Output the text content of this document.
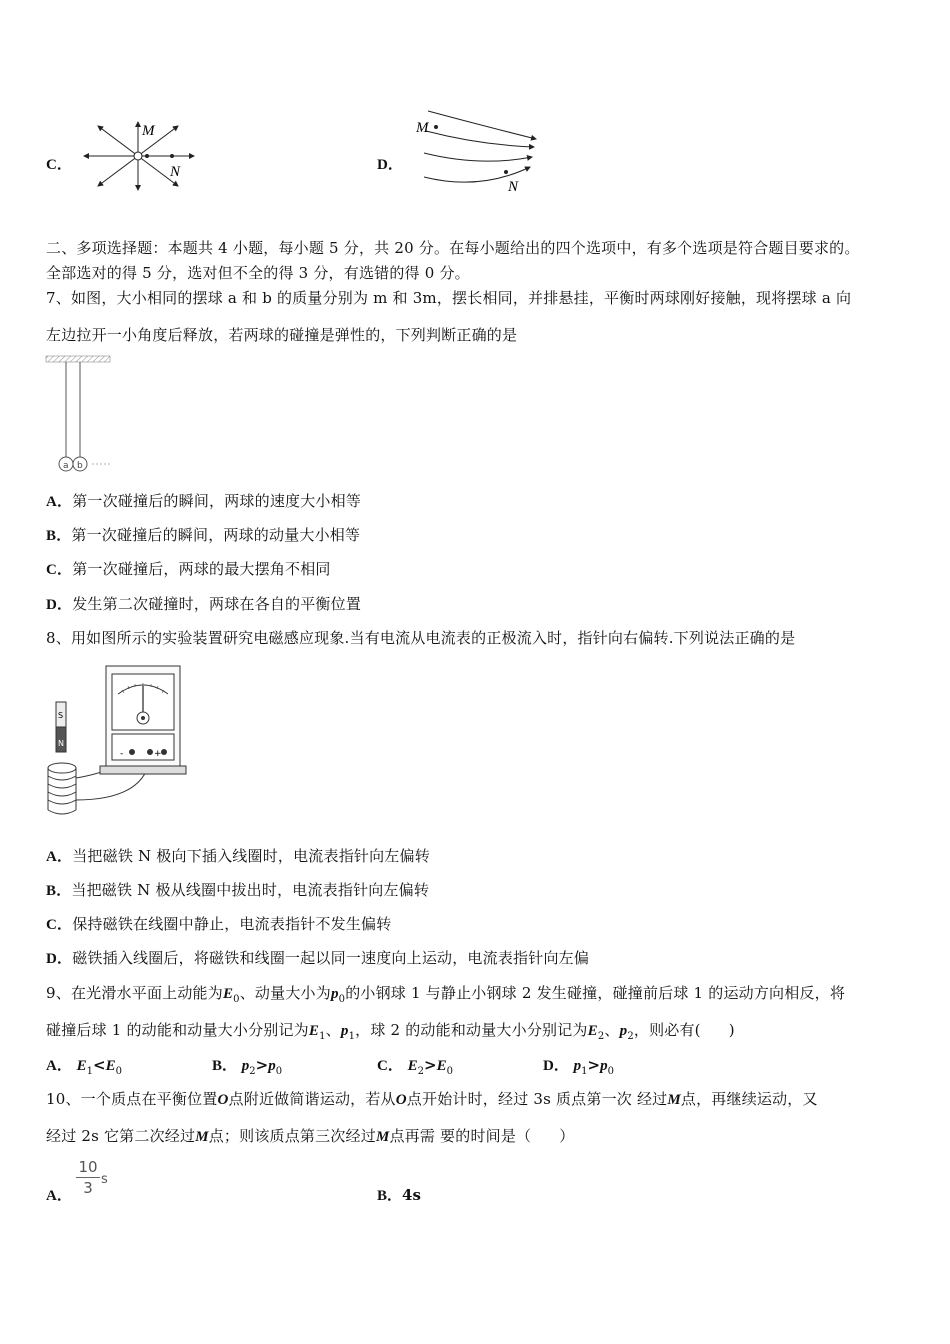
C．
M
N	D．
M
N
二、多项选择题：本题共 4 小题，每小题 5 分，共 20 分。在每小题给出的四个选项中，有多个选项是符合题目要求的。
全部选对的得 5 分，选对但不全的得 3 分，有选错的得 0 分。
7、如图，大小相同的摆球 a 和 b 的质量分别为 m 和 3m，摆长相同，并排悬挂，平衡时两球刚好接触，现将摆球 a 向
左边拉开一小角度后释放，若两球的碰撞是弹性的，下列判断正确的是
a b
A．第一次碰撞后的瞬间，两球的速度大小相等
B．第一次碰撞后的瞬间，两球的动量大小相等
C．第一次碰撞后，两球的最大摆角不相同
D．发生第二次碰撞时，两球在各自的平衡位置
8、用如图所示的实验装置研究电磁感应现象.当有电流从电流表的正极流入时，指针向右偏转.下列说法正确的是
S
N
-	+
A．当把磁铁 N 极向下插入线圈时，电流表指针向左偏转
B．当把磁铁 N 极从线圈中拔出时，电流表指针向左偏转
C．保持磁铁在线圈中静止，电流表指针不发生偏转
D．磁铁插入线圈后，将磁铁和线圈一起以同一速度向上运动，电流表指针向左偏
9、在光滑水平面上动能为$E_0$、动量大小为$p_0$的小钢球 1 与静止小钢球 2 发生碰撞，碰撞前后球 1 的运动方向相反，将
碰撞后球 1 的动能和动量大小分别记为$E_1$、$p_1$，球 2 的动能和动量大小分别记为$E_2$、$p_2$，则必有( )
A． $E_1<E_0$	B． $p_2>p_0$	C． $E_2>E_0$	D． $p_1>p_0$
10、一个质点在平衡位置O点附近做简谐运动，若从O点开始计时，经过 3s 质点第一次 经过M点，再继续运动，又
经过 2s 它第二次经过M点；则该质点第三次经过M点再需 要的时间是（ ）
A．
10
3 s
B．4s
